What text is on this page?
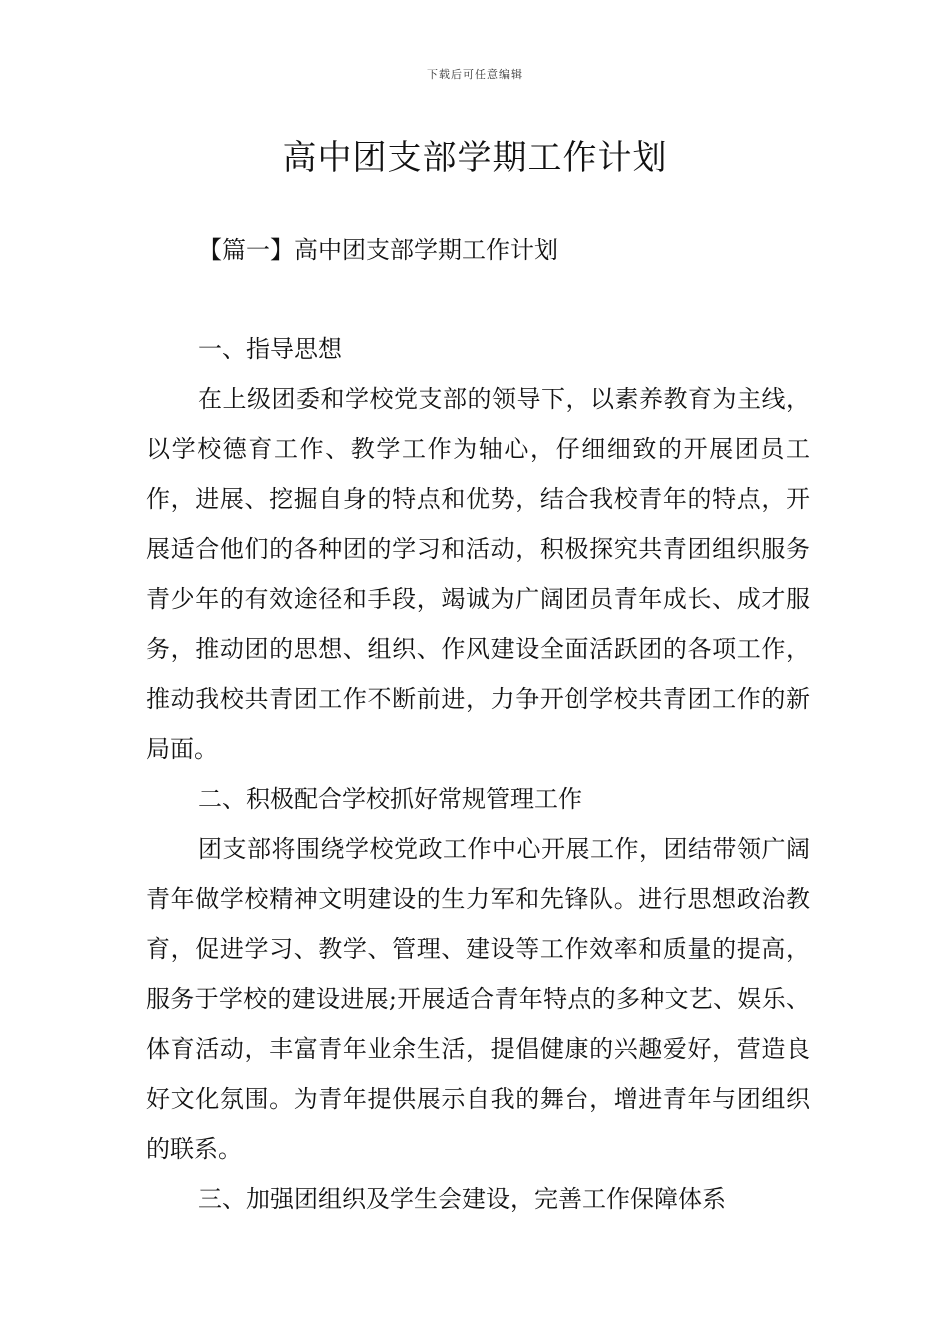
下载后可任意编辑
高中团支部学期工作计划
【篇一】高中团支部学期工作计划

一、指导思想

在上级团委和学校党支部的领导下，以素养教育为主线，以学校德育工作、教学工作为轴心，仔细细致的开展团员工作，进展、挖掘自身的特点和优势，结合我校青年的特点，开展适合他们的各种团的学习和活动，积极探究共青团组织服务青少年的有效途径和手段，竭诚为广阔团员青年成长、成才服务，推动团的思想、组织、作风建设全面活跃团的各项工作，推动我校共青团工作不断前进，力争开创学校共青团工作的新局面。

二、积极配合学校抓好常规管理工作

团支部将围绕学校党政工作中心开展工作，团结带领广阔青年做学校精神文明建设的生力军和先锋队。进行思想政治教育，促进学习、教学、管理、建设等工作效率和质量的提高，服务于学校的建设进展;开展适合青年特点的多种文艺、娱乐、体育活动，丰富青年业余生活，提倡健康的兴趣爱好，营造良好文化氛围。为青年提供展示自我的舞台，增进青年与团组织的联系。

三、加强团组织及学生会建设，完善工作保障体系
